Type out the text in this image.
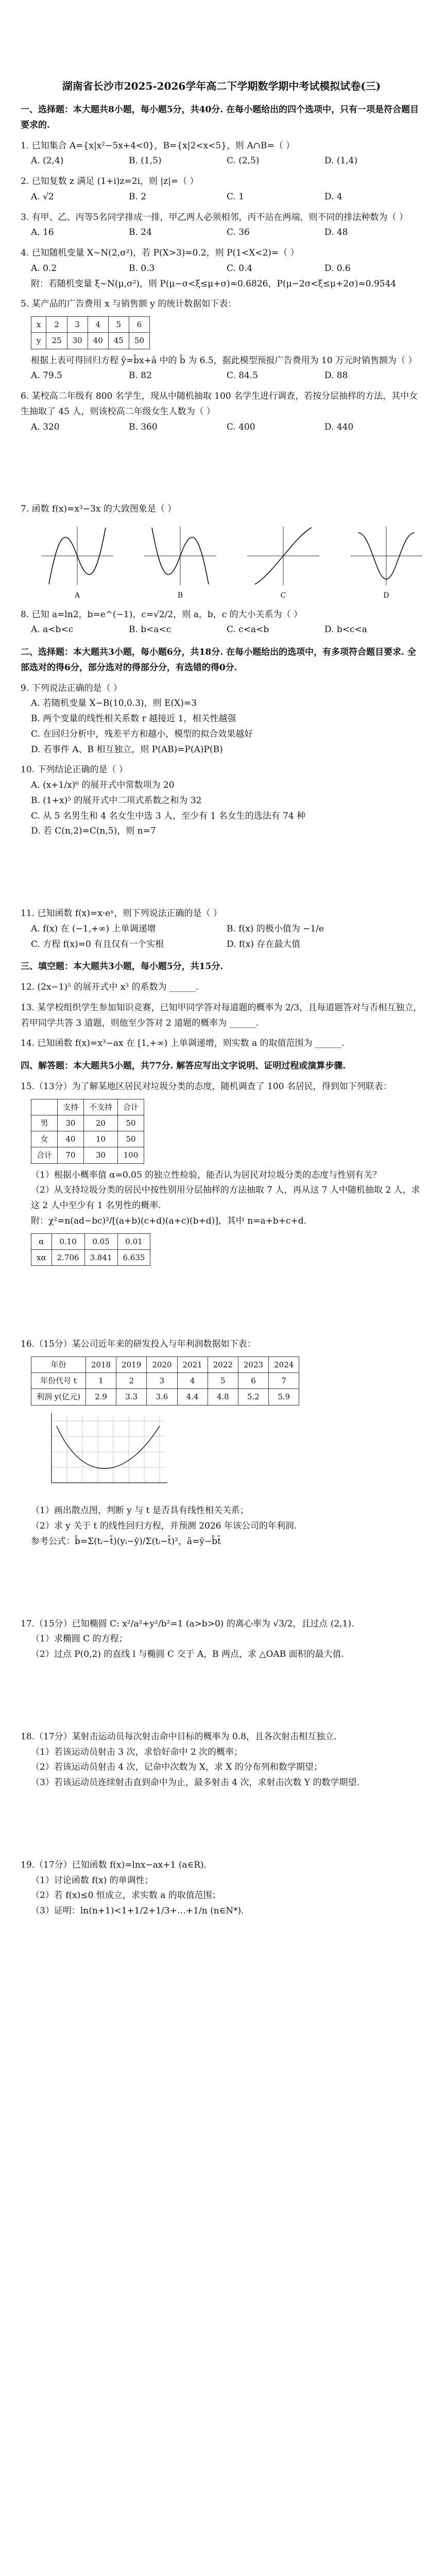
湖南省长沙市2025-2026学年高二下学期数学期中考试模拟试卷(三)
一、选择题：本大题共8小题，每小题5分，共40分. 在每小题给出的四个选项中，只有一项是符合题目要求的.
1. 已知集合 A={x|x²−5x+4<0}，B={x|2<x<5}，则 A∩B=（ ）
A. (2,4)	B. (1,5)	C. (2,5)	D. (1,4)
2. 已知复数 z 满足 (1+i)z=2i，则 |z|=（ ）
A. √2	B. 2	C. 1	D. 4
3. 有甲、乙、丙等5名同学排成一排，甲乙两人必须相邻，丙不站在两端，则不同的排法种数为（ ）
A. 16	B. 24	C. 36	D. 48
4. 已知随机变量 X~N(2,σ²)，若 P(X>3)=0.2，则 P(1<X<2)=（ ）
A. 0.2	B. 0.3	C. 0.4	D. 0.6
附：若随机变量 ξ~N(μ,σ²)，则 P(μ−σ<ξ≤μ+σ)≈0.6826，P(μ−2σ<ξ≤μ+2σ)≈0.9544
5. 某产品的广告费用 x 与销售额 y 的统计数据如下表：
x	2	3	4	5	6
y	25	30	40	45	50
根据上表可得回归方程 ŷ=b̂x+â 中的 b̂ 为 6.5，据此模型预报广告费用为 10 万元时销售额为（ ）
A. 79.5	B. 82	C. 84.5	D. 88
6. 某校高二年级有 800 名学生，现从中随机抽取 100 名学生进行调查，若按分层抽样的方法，其中女生抽取了 45 人，则该校高二年级女生人数为（ ）
A. 320	B. 360	C. 400	D. 440
7. 函数 f(x)=x³−3x 的大致图象是（ ）
A	B	C	D
8. 已知 a=ln2，b=e^(−1)，c=√2/2，则 a，b，c 的大小关系为（ ）
A. a<b<c	B. b<a<c	C. c<a<b	D. b<c<a
二、选择题：本大题共3小题，每小题6分，共18分. 在每小题给出的选项中，有多项符合题目要求. 全部选对的得6分，部分选对的得部分分，有选错的得0分.
9. 下列说法正确的是（ ）
A. 若随机变量 X~B(10,0.3)，则 E(X)=3
B. 两个变量的线性相关系数 r 越接近 1，相关性越强
C. 在回归分析中，残差平方和越小，模型的拟合效果越好
D. 若事件 A、B 相互独立，则 P(AB)=P(A)P(B)
10. 下列结论正确的是（ ）
A. (x+1/x)⁶ 的展开式中常数项为 20
B. (1+x)⁵ 的展开式中二项式系数之和为 32
C. 从 5 名男生和 4 名女生中选 3 人，至少有 1 名女生的选法有 74 种
D. 若 C(n,2)=C(n,5)，则 n=7
11. 已知函数 f(x)=x·eˣ，则下列说法正确的是（ ）
A. f(x) 在 (−1,+∞) 上单调递增	B. f(x) 的极小值为 −1/e
C. 方程 f(x)=0 有且仅有一个实根	D. f(x) 存在最大值
三、填空题：本大题共3小题，每小题5分，共15分.
12. (2x−1)⁵ 的展开式中 x³ 的系数为 ______.
13. 某学校组织学生参加知识竞赛，已知甲同学答对每道题的概率为 2/3，且每道题答对与否相互独立，若甲同学共答 3 道题，则他至少答对 2 道题的概率为 ______.
14. 已知函数 f(x)=x³−ax 在 [1,+∞) 上单调递增，则实数 a 的取值范围为 ______.
四、解答题：本大题共5小题，共77分. 解答应写出文字说明、证明过程或演算步骤.
15.（13分）为了解某地区居民对垃圾分类的态度，随机调查了 100 名居民，得到如下列联表：
	支持	不支持	合计
男	30	20	50
女	40	10	50
合计	70	30	100
（1）根据小概率值 α=0.05 的独立性检验，能否认为居民对垃圾分类的态度与性别有关？
（2）从支持垃圾分类的居民中按性别用分层抽样的方法抽取 7 人，再从这 7 人中随机抽取 2 人，求这 2 人中至少有 1 名男性的概率.
附：χ²=n(ad−bc)²/[(a+b)(c+d)(a+c)(b+d)]，其中 n=a+b+c+d.
α	0.10	0.05	0.01
xα	2.706	3.841	6.635
16.（15分）某公司近年来的研发投入与年利润数据如下表：
年份	2018	2019	2020	2021	2022	2023	2024
年份代号 t	1	2	3	4	5	6	7
利润 y(亿元)	2.9	3.3	3.6	4.4	4.8	5.2	5.9
（1）画出散点图，判断 y 与 t 是否具有线性相关关系；
（2）求 y 关于 t 的线性回归方程，并预测 2026 年该公司的年利润.
参考公式：b̂=Σ(tᵢ−t̄)(yᵢ−ȳ)/Σ(tᵢ−t̄)²，â=ȳ−b̂t̄
17.（15分）已知椭圆 C: x²/a²+y²/b²=1 (a>b>0) 的离心率为 √3/2，且过点 (2,1).
（1）求椭圆 C 的方程；
（2）过点 P(0,2) 的直线 l 与椭圆 C 交于 A，B 两点，求 △OAB 面积的最大值.
18.（17分）某射击运动员每次射击命中目标的概率为 0.8，且各次射击相互独立.
（1）若该运动员射击 3 次，求恰好命中 2 次的概率；
（2）若该运动员射击 4 次，记命中次数为 X，求 X 的分布列和数学期望；
（3）若该运动员连续射击直到命中为止，最多射击 4 次，求射击次数 Y 的数学期望.
19.（17分）已知函数 f(x)=lnx−ax+1 (a∈R).
（1）讨论函数 f(x) 的单调性；
（2）若 f(x)≤0 恒成立，求实数 a 的取值范围；
（3）证明：ln(n+1)<1+1/2+1/3+…+1/n (n∈N*).
